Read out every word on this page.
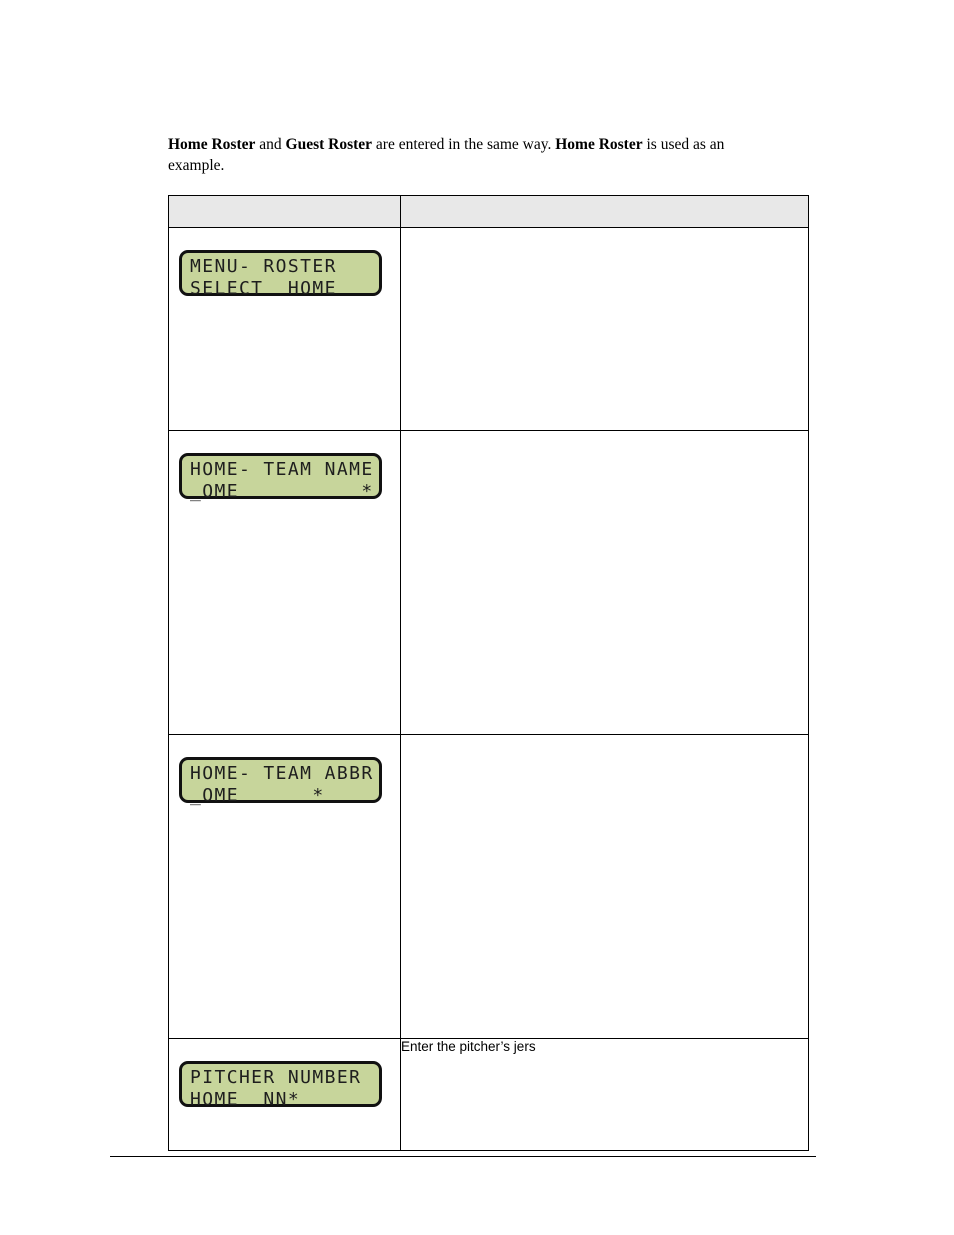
Home Roster and Guest Roster are entered in the same way. Home Roster is used as an example.

MENU- ROSTER
SELECT  HOME	

HOME- TEAM NAME
_OME          *	

HOME- TEAM ABBR
_OME      *	

PITCHER NUMBER
HOME  NN*	Enter the pitcher’s jers
